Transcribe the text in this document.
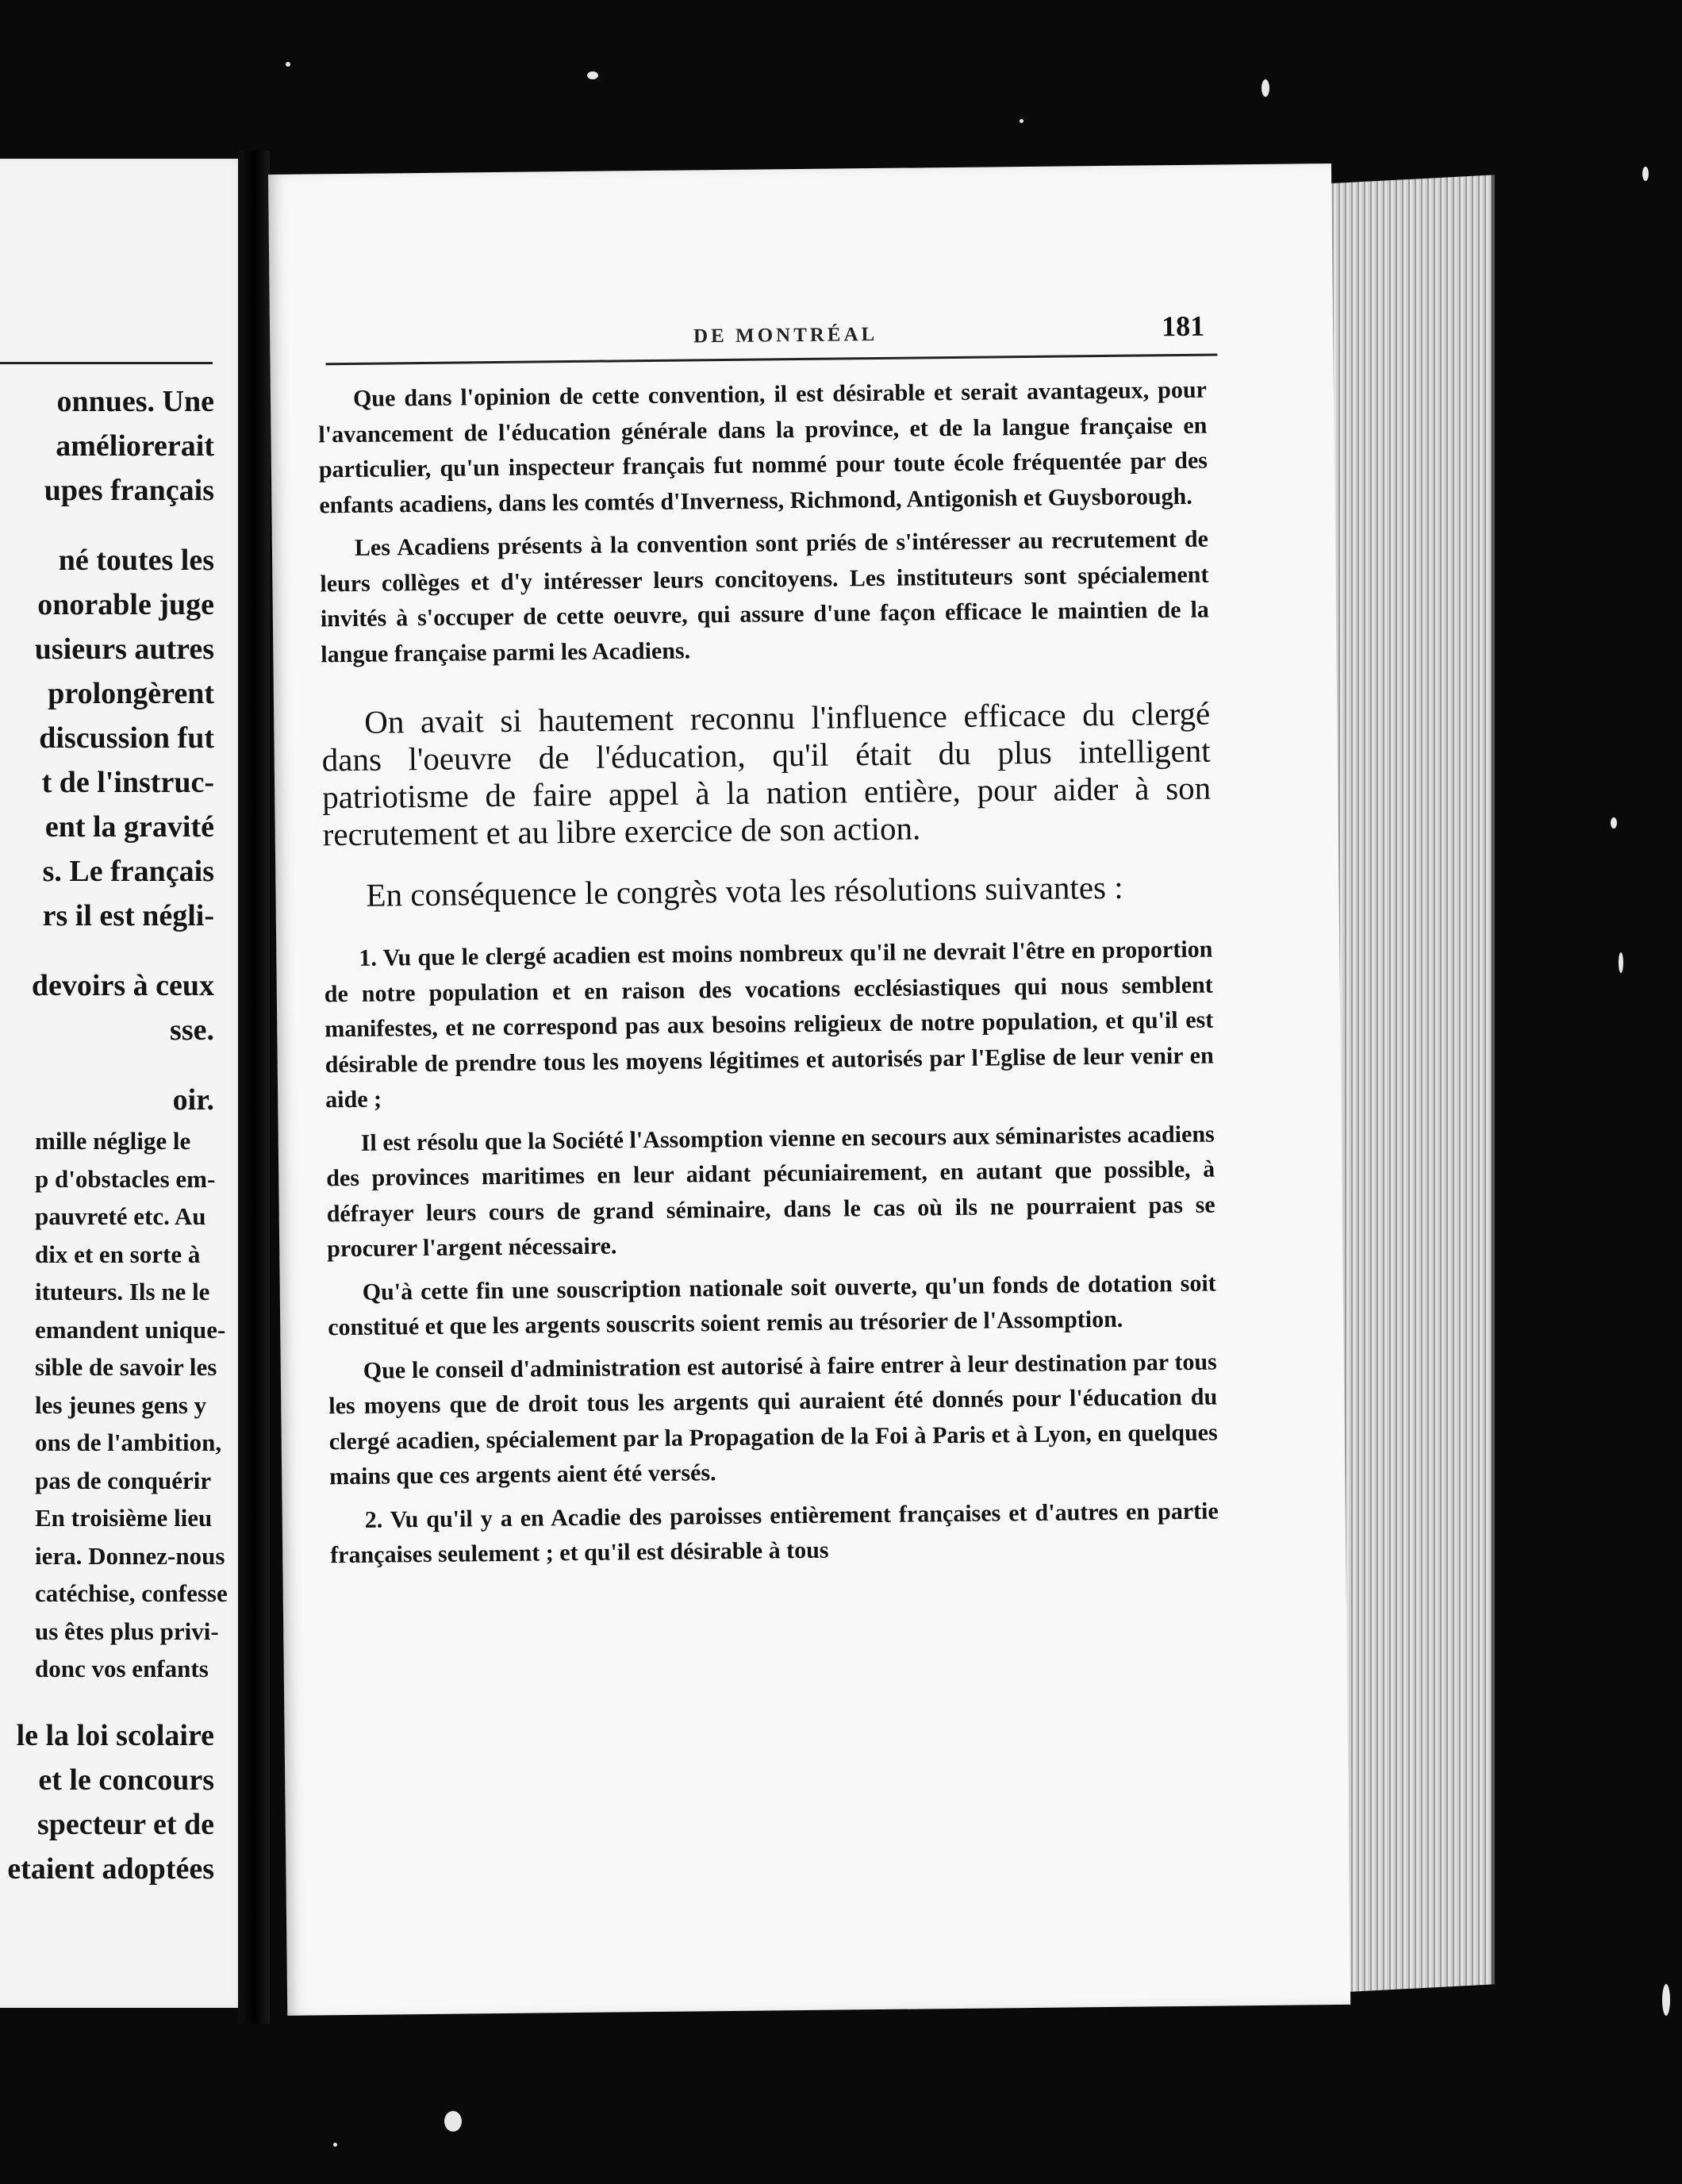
onnues. Une
améliorerait
upes français
né toutes les
onorable juge
usieurs autres
prolongèrent
discussion fut
t de l'instruc-
ent la gravité
s. Le français
rs il est négli-
devoirs à ceux
sse.
oir.
mille néglige le
p d'obstacles em-
pauvreté etc. Au
dix et en sorte à
ituteurs. Ils ne le
emandent unique-
sible de savoir les
les jeunes gens y
ons de l'ambition,
pas de conquérir
En troisième lieu
iera. Donnez-nous
catéchise, confesse
us êtes plus privi-
donc vos enfants
le la loi scolaire
et le concours
specteur et de
etaient adoptées
DE MONTRÉAL	181

Que dans l'opinion de cette convention, il est désirable et serait avantageux, pour l'avancement de l'éducation générale dans la province, et de la langue française en particulier, qu'un inspecteur français fut nommé pour toute école fréquentée par des enfants acadiens, dans les comtés d'Inverness, Richmond, Antigonish et Guysborough.

Les Acadiens présents à la convention sont priés de s'intéresser au recrutement de leurs collèges et d'y intéresser leurs concitoyens. Les instituteurs sont spécialement invités à s'occuper de cette oeuvre, qui assure d'une façon efficace le maintien de la langue française parmi les Acadiens.

On avait si hautement reconnu l'influence efficace du clergé dans l'oeuvre de l'éducation, qu'il était du plus intelligent patriotisme de faire appel à la nation entière, pour aider à son recrutement et au libre exercice de son action.

En conséquence le congrès vota les résolutions suivantes :

1. Vu que le clergé acadien est moins nombreux qu'il ne devrait l'être en proportion de notre population et en raison des vocations ecclésiastiques qui nous semblent manifestes, et ne correspond pas aux besoins religieux de notre population, et qu'il est désirable de prendre tous les moyens légitimes et autorisés par l'Eglise de leur venir en aide ;

Il est résolu que la Société l'Assomption vienne en secours aux séminaristes acadiens des provinces maritimes en leur aidant pécuniairement, en autant que possible, à défrayer leurs cours de grand séminaire, dans le cas où ils ne pourraient pas se procurer l'argent nécessaire.

Qu'à cette fin une souscription nationale soit ouverte, qu'un fonds de dotation soit constitué et que les argents souscrits soient remis au trésorier de l'Assomption.

Que le conseil d'administration est autorisé à faire entrer à leur destination par tous les moyens que de droit tous les argents qui auraient été donnés pour l'éducation du clergé acadien, spécialement par la Propagation de la Foi à Paris et à Lyon, en quelques mains que ces argents aient été versés.

2. Vu qu'il y a en Acadie des paroisses entièrement françaises et d'autres en partie françaises seulement ; et qu'il est désirable à tous
